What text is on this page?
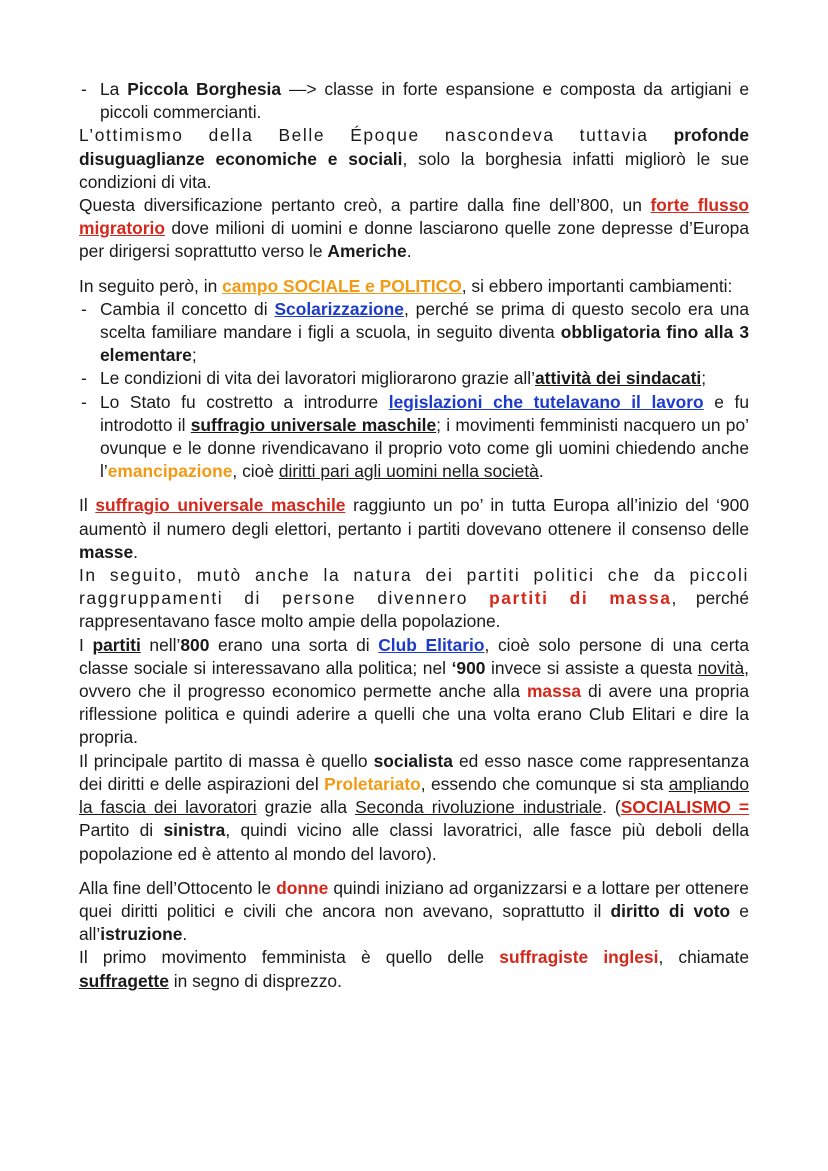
- La Piccola Borghesia —> classe in forte espansione e composta da artigiani e piccoli commercianti.

L’ottimismo della Belle Époque nascondeva tuttavia profonde disuguaglianze economiche e sociali, solo la borghesia infatti migliorò le sue condizioni di vita.

Questa diversificazione pertanto creò, a partire dalla fine dell’800, un forte flusso migratorio dove milioni di uomini e donne lasciarono quelle zone depresse d’Europa per dirigersi soprattutto verso le Americhe.

In seguito però, in campo SOCIALE e POLITICO, si ebbero importanti cambiamenti:

- Cambia il concetto di Scolarizzazione, perché se prima di questo secolo era una scelta familiare mandare i figli a scuola, in seguito diventa obbligatoria fino alla 3 elementare;
- Le condizioni di vita dei lavoratori migliorarono grazie all’attività dei sindacati;
- Lo Stato fu costretto a introdurre legislazioni che tutelavano il lavoro e fu introdotto il suffragio universale maschile; i movimenti femministi nacquero un po’ ovunque e le donne rivendicavano il proprio voto come gli uomini chiedendo anche l’emancipazione, cioè diritti pari agli uomini nella società.

Il suffragio universale maschile raggiunto un po’ in tutta Europa all’inizio del ‘900 aumentò il numero degli elettori, pertanto i partiti dovevano ottenere il consenso delle masse.

In seguito, mutò anche la natura dei partiti politici che da piccoli raggruppamenti di persone divennero partiti di massa, perché rappresentavano fasce molto ampie della popolazione.

I partiti nell’800 erano una sorta di Club Elitario, cioè solo persone di una certa classe sociale si interessavano alla politica; nel ‘900 invece si assiste a questa novità, ovvero che il progresso economico permette anche alla massa di avere una propria riflessione politica e quindi aderire a quelli che una volta erano Club Elitari e dire la propria.

Il principale partito di massa è quello socialista ed esso nasce come rappresentanza dei diritti e delle aspirazioni del Proletariato, essendo che comunque si sta ampliando la fascia dei lavoratori grazie alla Seconda rivoluzione industriale. (SOCIALISMO = Partito di sinistra, quindi vicino alle classi lavoratrici, alle fasce più deboli della popolazione ed è attento al mondo del lavoro).

Alla fine dell’Ottocento le donne quindi iniziano ad organizzarsi e a lottare per ottenere quei diritti politici e civili che ancora non avevano, soprattutto il diritto di voto e all’istruzione.

Il primo movimento femminista è quello delle suffragiste inglesi, chiamate suffragette in segno di disprezzo.
